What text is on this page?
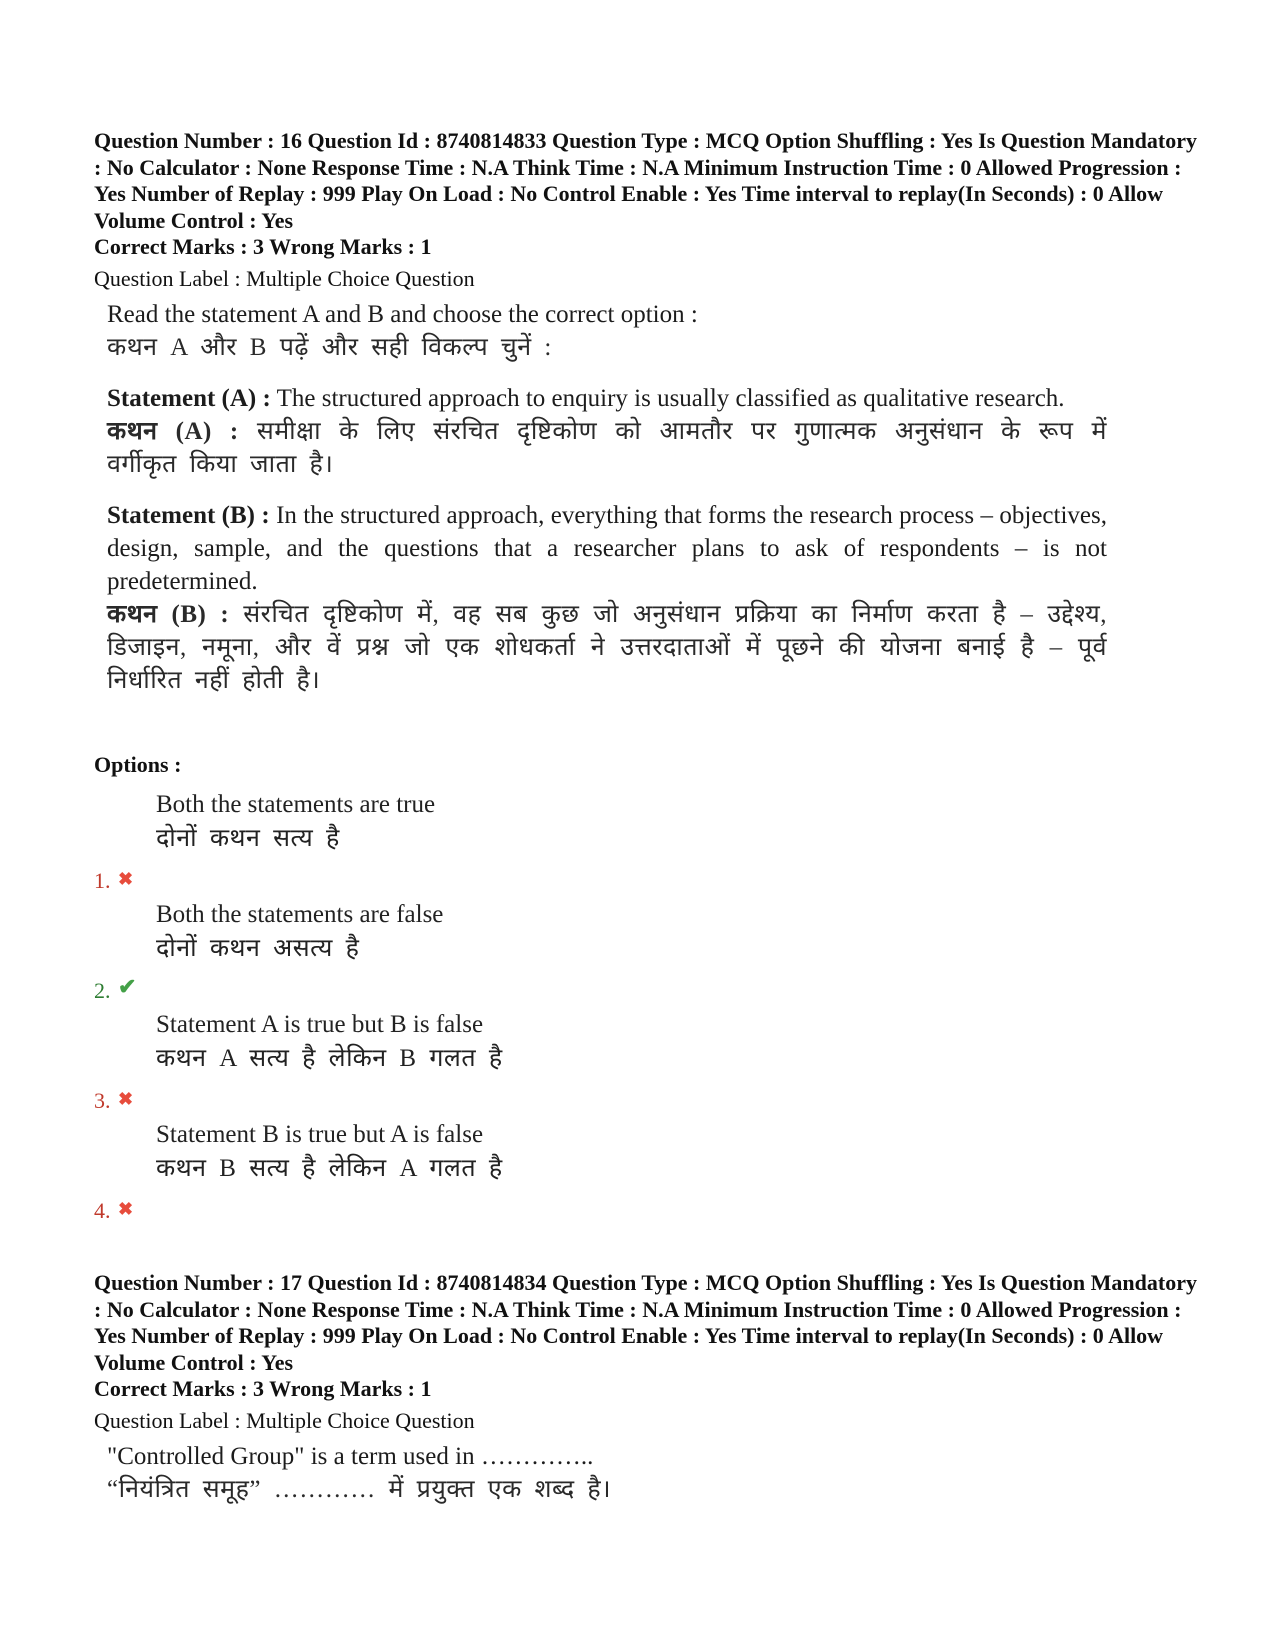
Question Number : 16 Question Id : 8740814833 Question Type : MCQ Option Shuffling : Yes Is Question Mandatory : No Calculator : None Response Time : N.A Think Time : N.A Minimum Instruction Time : 0 Allowed Progression : Yes Number of Replay : 999 Play On Load : No Control Enable : Yes Time interval to replay(In Seconds) : 0 Allow Volume Control : Yes
Correct Marks : 3 Wrong Marks : 1
Question Label : Multiple Choice Question

Read the statement A and B and choose the correct option :

कथन A और B पढ़ें और सही विकल्प चुनें :

Statement (A) : The structured approach to enquiry is usually classified as qualitative research.

कथन (A) : समीक्षा के लिए संरचित दृष्टिकोण को आमतौर पर गुणात्मक अनुसंधान के रूप में वर्गीकृत किया जाता है।

Statement (B) : In the structured approach, everything that forms the research process – objectives, design, sample, and the questions that a researcher plans to ask of respondents – is not predetermined.

कथन (B) : संरचित दृष्टिकोण में, वह सब कुछ जो अनुसंधान प्रक्रिया का निर्माण करता है – उद्देश्य, डिजाइन, नमूना, और वें प्रश्न जो एक शोधकर्ता ने उत्तरदाताओं में पूछने की योजना बनाई है – पूर्व निर्धारित नहीं होती है।

Options :
1. ✖
Both the statements are true
दोनों कथन सत्य है
2. ✔
Both the statements are false
दोनों कथन असत्य है
3. ✖
Statement A is true but B is false
कथन A सत्य है लेकिन B गलत है
4. ✖
Statement B is true but A is false
कथन B सत्य है लेकिन A गलत है
Question Number : 17 Question Id : 8740814834 Question Type : MCQ Option Shuffling : Yes Is Question Mandatory : No Calculator : None Response Time : N.A Think Time : N.A Minimum Instruction Time : 0 Allowed Progression : Yes Number of Replay : 999 Play On Load : No Control Enable : Yes Time interval to replay(In Seconds) : 0 Allow Volume Control : Yes
Correct Marks : 3 Wrong Marks : 1
Question Label : Multiple Choice Question

"Controlled Group" is a term used in …………..

“नियंत्रित समूह” ………… में प्रयुक्त एक शब्द है।
